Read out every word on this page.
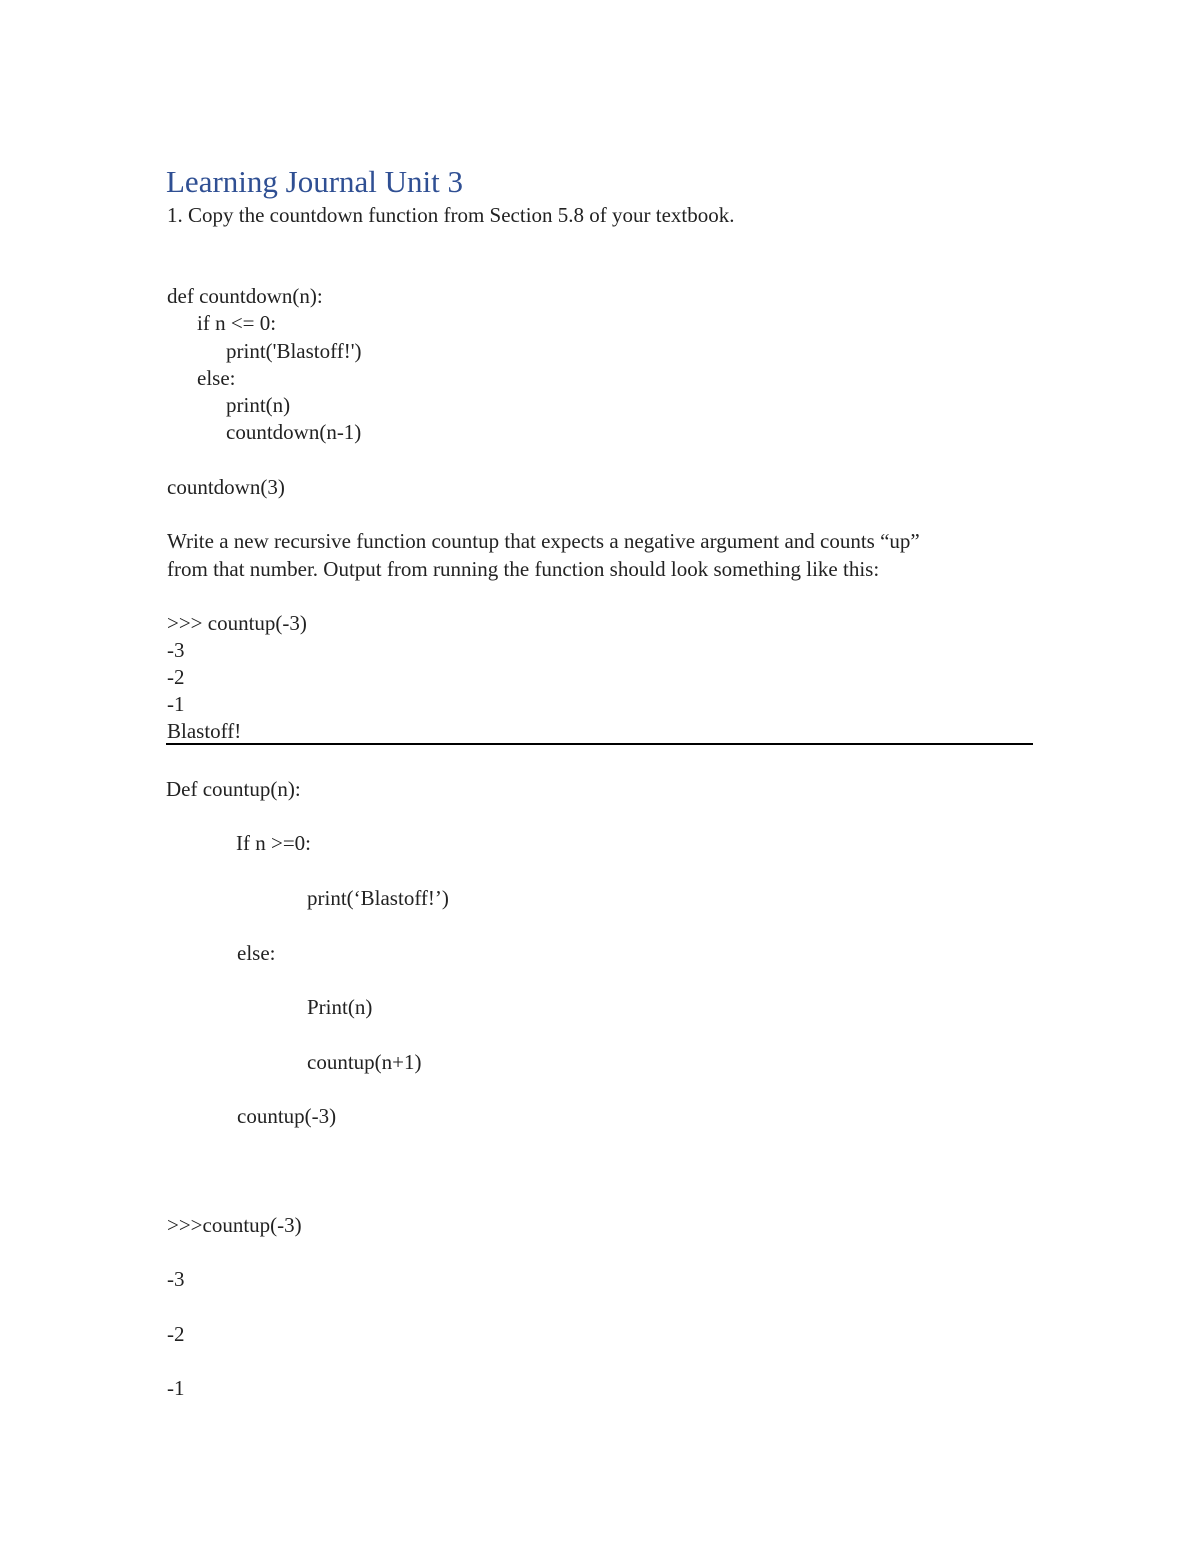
Learning Journal Unit 3

1. Copy the countdown function from Section 5.8 of your textbook.

def countdown(n):

if n <= 0:

print('Blastoff!')

else:

print(n)

countdown(n-1)

countdown(3)

Write a new recursive function countup that expects a negative argument and counts “up”

from that number. Output from running the function should look something like this:

>>> countup(-3)

-3

-2

-1

Blastoff!

Def countup(n):

If n >=0:

print(‘Blastoff!’)

else:

Print(n)

countup(n+1)

countup(-3)

>>>countup(-3)

-3

-2

-1
